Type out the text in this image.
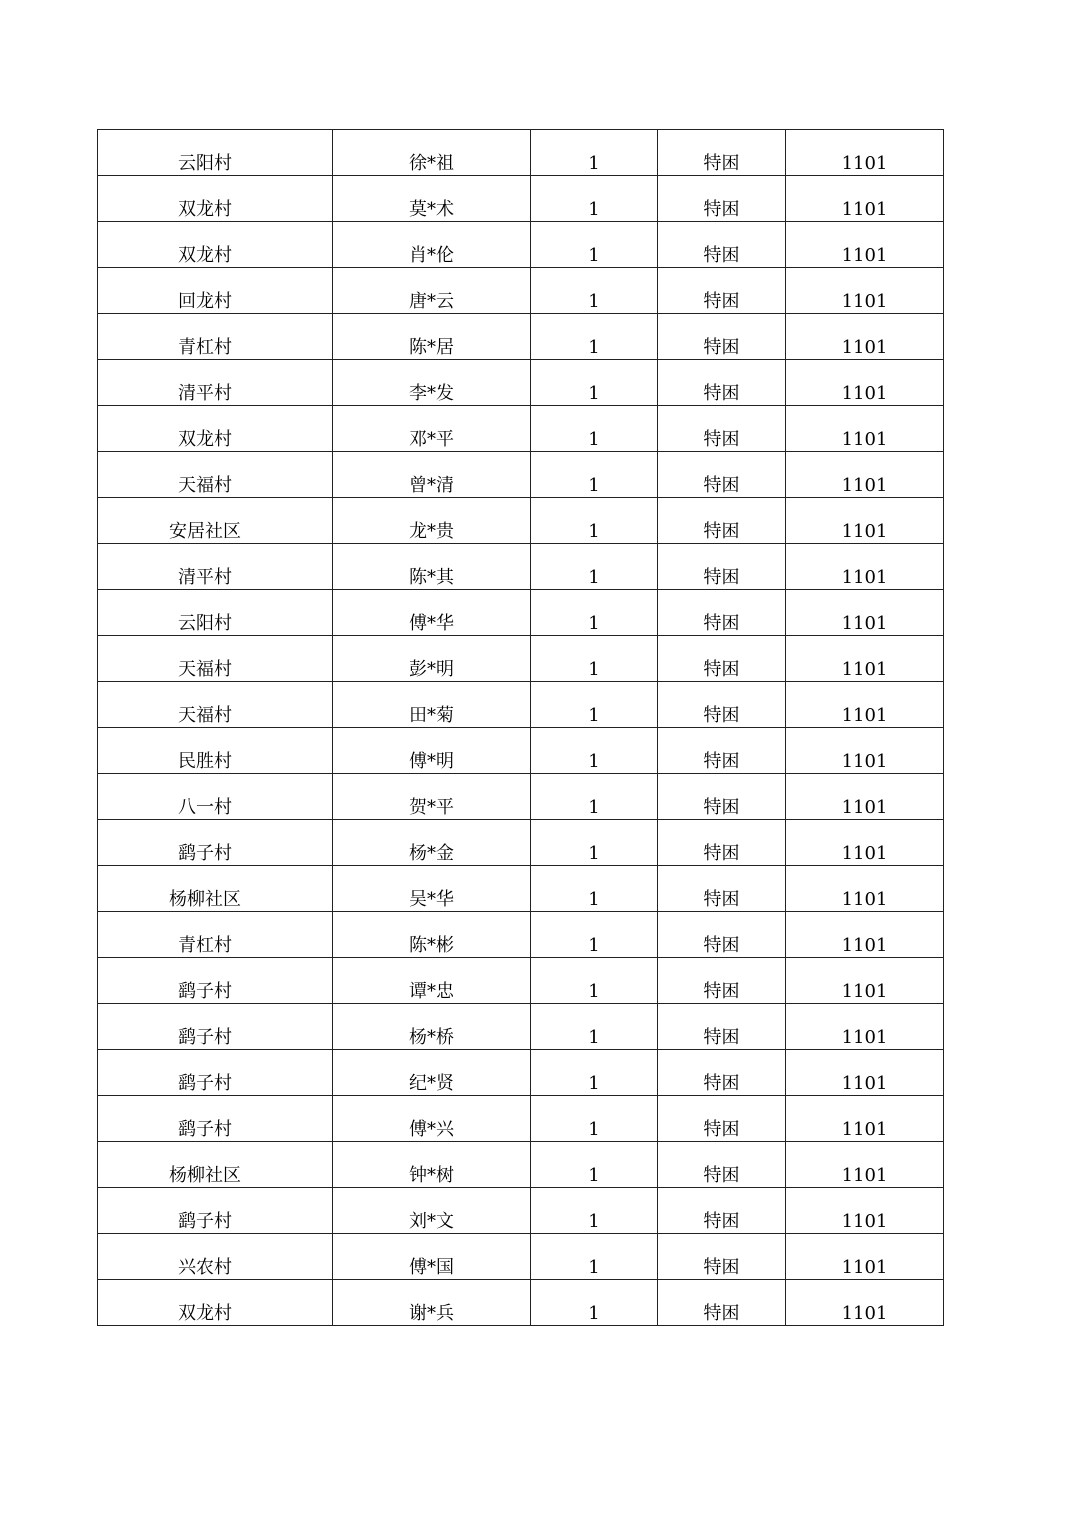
云阳村	徐*祖	1	特困	1101
双龙村	莫*术	1	特困	1101
双龙村	肖*伦	1	特困	1101
回龙村	唐*云	1	特困	1101
青杠村	陈*居	1	特困	1101
清平村	李*发	1	特困	1101
双龙村	邓*平	1	特困	1101
天福村	曾*清	1	特困	1101
安居社区	龙*贵	1	特困	1101
清平村	陈*其	1	特困	1101
云阳村	傅*华	1	特困	1101
天福村	彭*明	1	特困	1101
天福村	田*菊	1	特困	1101
民胜村	傅*明	1	特困	1101
八一村	贺*平	1	特困	1101
鹞子村	杨*金	1	特困	1101
杨柳社区	吴*华	1	特困	1101
青杠村	陈*彬	1	特困	1101
鹞子村	谭*忠	1	特困	1101
鹞子村	杨*桥	1	特困	1101
鹞子村	纪*贤	1	特困	1101
鹞子村	傅*兴	1	特困	1101
杨柳社区	钟*树	1	特困	1101
鹞子村	刘*文	1	特困	1101
兴农村	傅*国	1	特困	1101
双龙村	谢*兵	1	特困	1101
